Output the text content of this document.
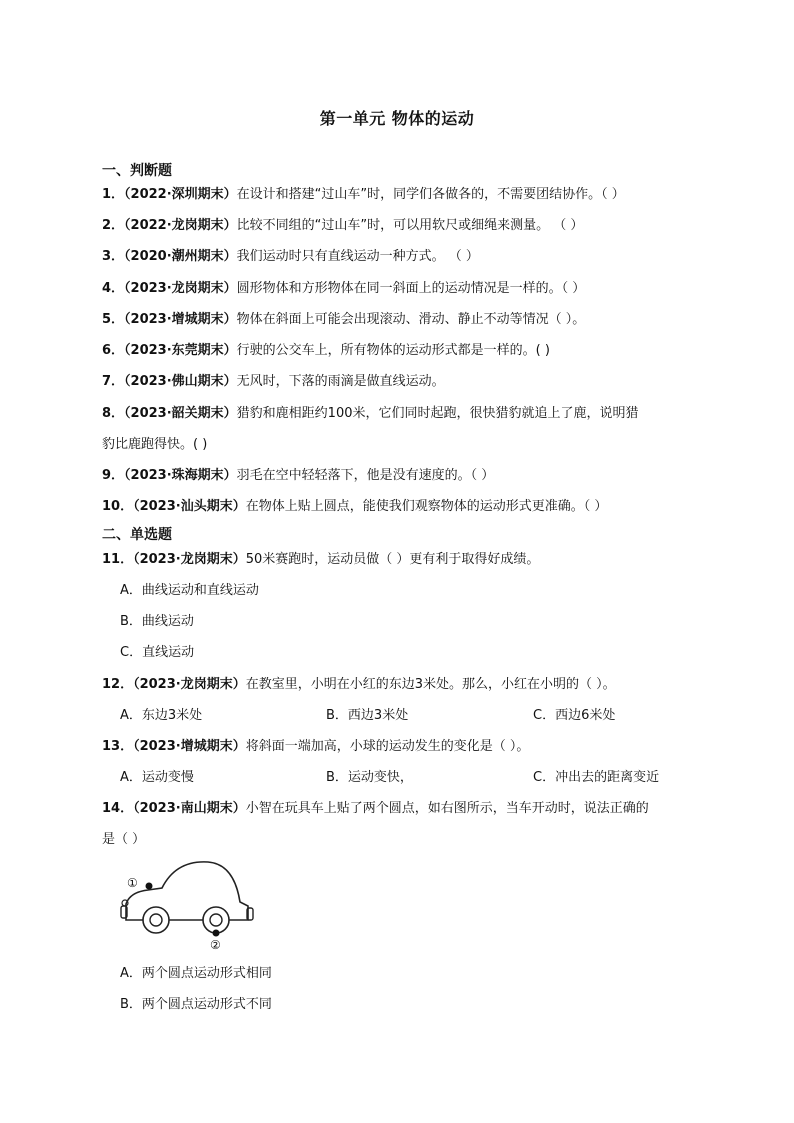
第一单元 物体的运动
一、判断题
1．（2022·深圳期末）在设计和搭建“过山车”时，同学们各做各的，不需要团结协作。（ ）
2．（2022·龙岗期末）比较不同组的“过山车”时，可以用软尺或细绳来测量。 （ ）
3．（2020·潮州期末）我们运动时只有直线运动一种方式。 （ ）
4．（2023·龙岗期末）圆形物体和方形物体在同一斜面上的运动情况是一样的。（ ）
5．（2023·增城期末）物体在斜面上可能会出现滚动、滑动、静止不动等情况（ ）。
6．（2023·东莞期末）行驶的公交车上，所有物体的运动形式都是一样的。( )
7．（2023·佛山期末）无风时，下落的雨滴是做直线运动。
8．（2023·韶关期末）猎豹和鹿相距约100米，它们同时起跑，很快猎豹就追上了鹿，说明猎
豹比鹿跑得快。( )
9．（2023·珠海期末）羽毛在空中轻轻落下，他是没有速度的。（ ）
10．（2023·汕头期末）在物体上贴上圆点，能使我们观察物体的运动形式更准确。（ ）
二、单选题
11．（2023·龙岗期末）50米赛跑时，运动员做（ ）更有利于取得好成绩。
A．曲线运动和直线运动
B．曲线运动
C．直线运动
12．（2023·龙岗期末）在教室里，小明在小红的东边3米处。那么，小红在小明的（ ）。
A．东边3米处	B．西边3米处	C．西边6米处
13．（2023·增城期末）将斜面一端加高，小球的运动发生的变化是（ ）。
A．运动变慢	B．运动变快，	C．冲出去的距离变近
14．（2023·南山期末）小智在玩具车上贴了两个圆点，如右图所示，当车开动时，说法正确的
是（ ）
①
②
A．两个圆点运动形式相同
B．两个圆点运动形式不同
